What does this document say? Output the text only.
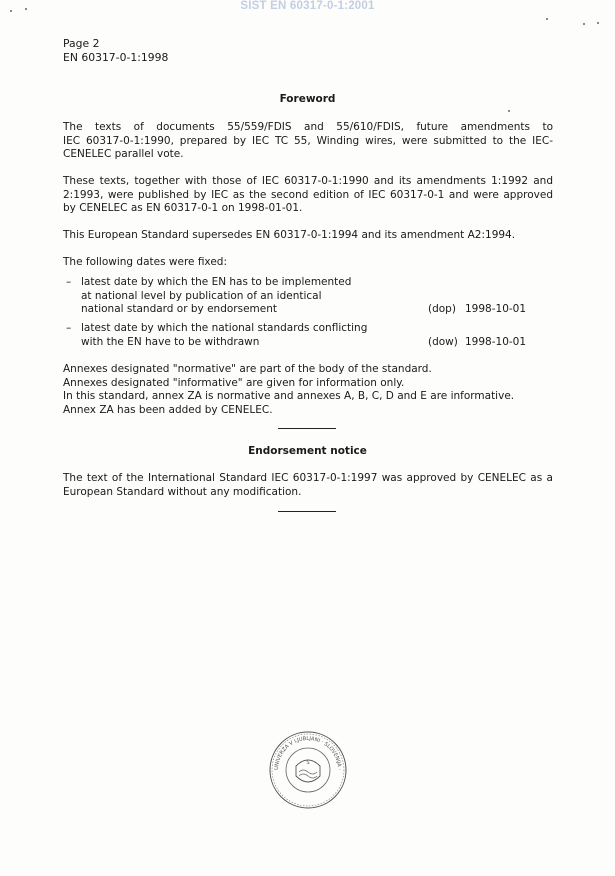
SIST EN 60317-0-1:2001
Page 2
EN 60317-0-1:1998
Foreword
The texts of documents 55/559/FDIS and 55/610/FDIS, future amendments to
IEC 60317-0-1:1990, prepared by IEC TC 55, Winding wires, were submitted to the IEC-
CENELEC parallel vote.
These texts, together with those of IEC 60317-0-1:1990 and its amendments 1:1992 and
2:1993, were published by IEC as the second edition of IEC 60317-0-1 and were approved
by CENELEC as EN 60317-0-1 on 1998-01-01.
This European Standard supersedes EN 60317-0-1:1994 and its amendment A2:1994.
The following dates were fixed:
– latest date by which the EN has to be implemented
at national level by publication of an identical
national standard or by endorsement	(dop) 1998-10-01
– latest date by which the national standards conflicting
with the EN have to be withdrawn	(dow) 1998-10-01
Annexes designated "normative" are part of the body of the standard.
Annexes designated "informative" are given for information only.
In this standard, annex ZA is normative and annexes A, B, C, D and E are informative.
Annex ZA has been added by CENELEC.
Endorsement notice
The text of the International Standard IEC 60317-0-1:1997 was approved by CENELEC as a
European Standard without any modification.
UNIVERZA V LJUBLJANI · SLOVENIJA ·
S
